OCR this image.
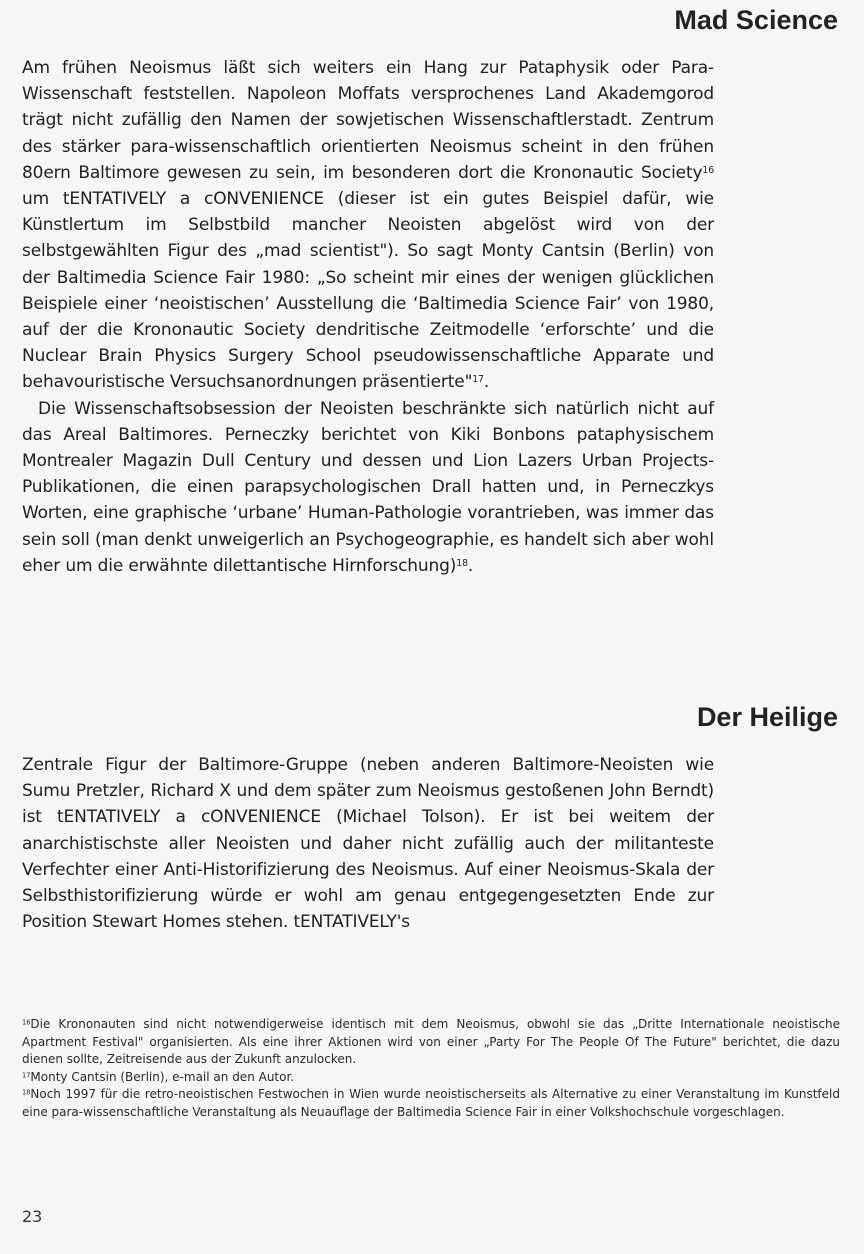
Mad Science

Am frühen Neoismus läßt sich weiters ein Hang zur Pataphysik oder Para-Wissenschaft feststellen. Napoleon Moffats versprochenes Land Akademgorod trägt nicht zufällig den Namen der sowjetischen Wissenschaftlerstadt. Zentrum des stärker para-wissenschaftlich orientierten Neoismus scheint in den frühen 80ern Baltimore gewesen zu sein, im besonderen dort die Krononautic Society$^{16}$ um tENTATIVELY a cONVENIENCE (dieser ist ein gutes Beispiel dafür, wie Künstlertum im Selbstbild mancher Neoisten abgelöst wird von der selbstgewählten Figur des „mad scientist"). So sagt Monty Cantsin (Berlin) von der Baltimedia Science Fair 1980: „So scheint mir eines der wenigen glücklichen Beispiele einer ‘neoistischen’ Ausstellung die ‘Baltimedia Science Fair’ von 1980, auf der die Krononautic Society dendritische Zeitmodelle ‘erforschte’ und die Nuclear Brain Physics Surgery School pseudowissenschaftliche Apparate und behavouristische Versuchsanordnungen präsentierte"$^{17}$.

Die Wissenschaftsobsession der Neoisten beschränkte sich natürlich nicht auf das Areal Baltimores. Perneczky berichtet von Kiki Bonbons pataphysischem Montrealer Magazin Dull Century und dessen und Lion Lazers Urban Projects-Publikationen, die einen parapsychologischen Drall hatten und, in Perneczkys Worten, eine graphische ‘urbane’ Human-Pathologie vorantrieben, was immer das sein soll (man denkt unweigerlich an Psychogeographie, es handelt sich aber wohl eher um die erwähnte dilettantische Hirnforschung)$^{18}$.

Der Heilige

Zentrale Figur der Baltimore-Gruppe (neben anderen Baltimore-Neoisten wie Sumu Pretzler, Richard X und dem später zum Neoismus gestoßenen John Berndt) ist tENTATIVELY a cONVENIENCE (Michael Tolson). Er ist bei weitem der anarchistischste aller Neoisten und daher nicht zufällig auch der militanteste Verfechter einer Anti-Historifizierung des Neoismus. Auf einer Neoismus-Skala der Selbsthistorifizierung würde er wohl am genau entgegengesetzten Ende zur Position Stewart Homes stehen. tENTATIVELY's

$^{16}$Die Krononauten sind nicht notwendigerweise identisch mit dem Neoismus, obwohl sie das „Dritte Internationale neoistische Apartment Festival" organisierten. Als eine ihrer Aktionen wird von einer „Party For The People Of The Future" berichtet, die dazu dienen sollte, Zeitreisende aus der Zukunft anzulocken.

$^{17}$Monty Cantsin (Berlin), e-mail an den Autor.

$^{18}$Noch 1997 für die retro-neoistischen Festwochen in Wien wurde neoistischerseits als Alternative zu einer Veranstaltung im Kunstfeld eine para-wissenschaftliche Veranstaltung als Neuauflage der Baltimedia Science Fair in einer Volkshochschule vorgeschlagen.

23
